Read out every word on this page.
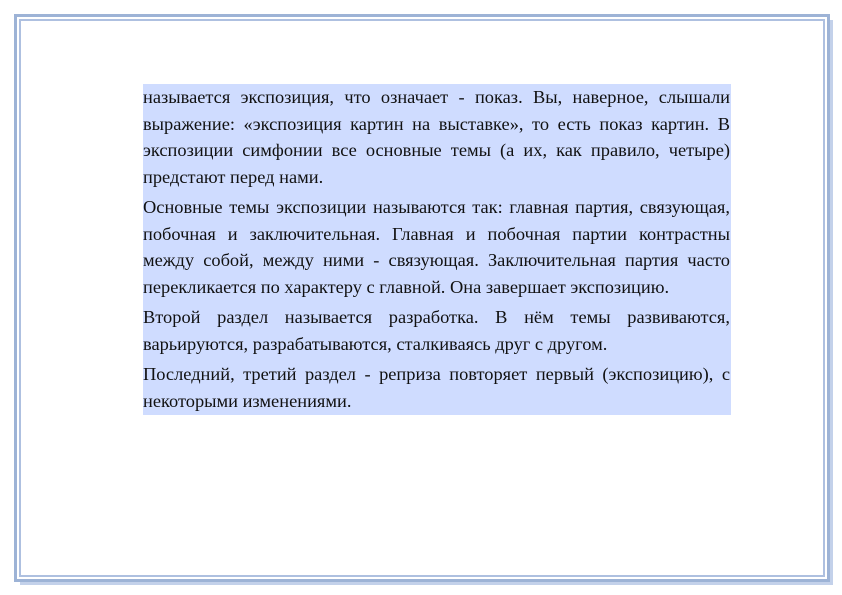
называется экспозиция, что означает - показ. Вы, наверное, слышали выражение: «экспозиция картин на выставке», то есть показ картин. В экспозиции симфонии все основные темы (а их, как правило, четыре) предстают перед нами.

Основные темы экспозиции называются так: главная партия, связующая, побочная и заключительная. Главная и побочная партии контрастны между собой, между ними - связующая. Заключительная партия часто перекликается по характеру с главной. Она завершает экспозицию.

Второй раздел называется разработка. В нём темы развиваются, варьируются, разрабатываются, сталкиваясь друг с другом.

Последний, третий раздел - реприза повторяет первый (экспозицию), с некоторыми изменениями.
